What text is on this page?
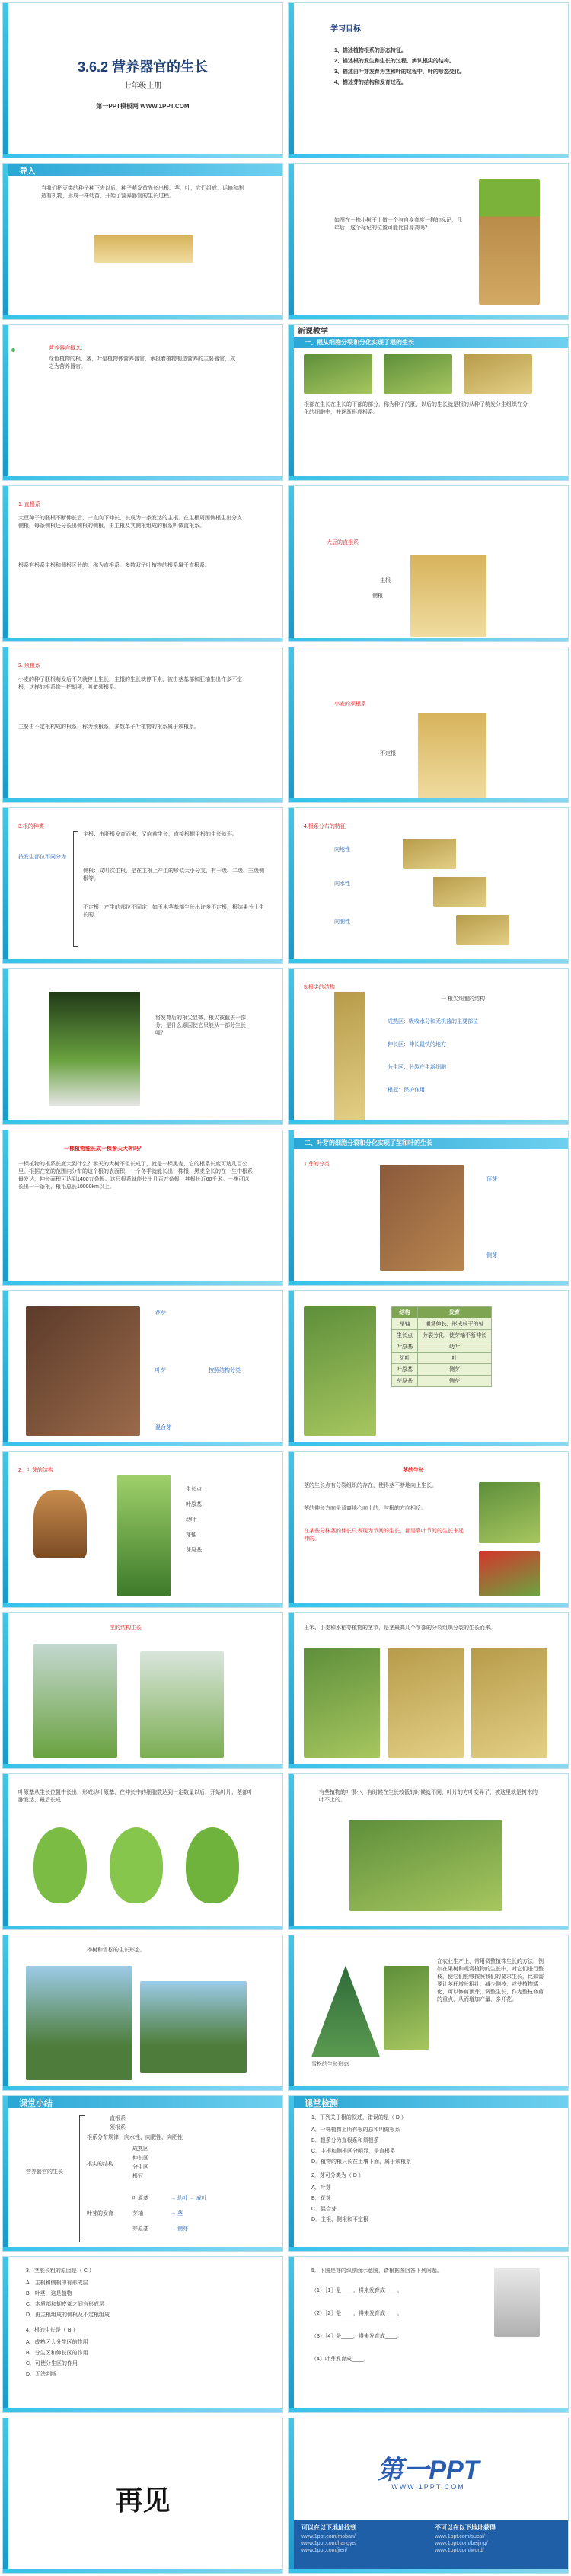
3.6.2 营养器官的生长
七年级上册
第一PPT模板网 WWW.1PPT.COM
学习目标
1、描述植物根系的形态特征。
2、描述根的发生和生长的过程，辨认根尖的结构。
3、描述由叶芽发育为茎和叶的过程中，叶的形态变化。
4、描述芽的结构和发育过程。
导入
当我们把豆类的种子种下去以后，种子萌发首先长出根、茎、叶，它们组成，运输和制造有机物，形成一株幼苗，开始了营养器官的生长过程。
如图在一株小树干上做一个与自身高度一样的标记，几年后，这个标记的位置可能比自身高吗？
营养器官概念：
绿色植物的根、茎、叶是植物体营养器官，承担着植物制造营养的主要器官，成之为营养器官。
新课教学
一、根从细胞分裂和分化实现了根的生长
根部在生长在生长的下部的部分，称为种子的胚，以后的生长就是根的从种子萌发分生组织在分化的细胞中，并逐渐形成根系。
1. 直根系
大豆种子的胚根不断伸长后，一直向下伸长，长成为一条发达的主根。在主根周围侧根生出分支侧根，每条侧根还分长出侧根的侧根，由主根及其侧根组成的根系叫做直根系。
根系有根系主根和侧根区分的，称为直根系。多数双子叶植物的根系属于直根系。
大豆的直根系
主根
侧根
2. 须根系
小麦的种子胚根萌发后不久就停止生长，主根的生长就停下来，被由茎基部和胚轴生出许多不定根，这样的根系像一把胡须，叫做须根系。
主要由不定根构成的根系，称为须根系，多数单子叶植物的根系属于须根系。
小麦的须根系
不定根
3.根的种类
按发生部位不同分为
主根：由胚根发育而来，叉向前生长，直接根据甲根的生长就形。
侧根：又叫次生根，是在主根上产生的形似大小分支，有一级、二级、三级侧根等。
不定根：产生的部位不固定，如玉米茎基部生长出许多不定根，根结果分上生长的。
4.根系分布的特征
向地性
向水性
向肥性
将发育后的根尖显微，根尖被截去一部分，是什么原因使它只能从一部分生长呢？
5.根尖的结构
一 根尖细胞的结构
成熟区：吸收水分和无机盐的主要部位
伸长区：伸长最快的地方
分生区：分裂产生新细胞
根冠：保护作用
一棵植物能长成一棵参天大树吗？
一棵植物的根系长度大到什么？参天的大树不但长成了，就是一棵黑麦，它的根系长度可达几百公里。根据在宽的范围内分布的这个根的表面积，一个冬季就能长出一株根，黑麦全长的在一生中根系最发达，伸长面积可达到1400万条根。这只根系就能长出几百万条根，其根长近60千米。一株可以长出一千条根，根毛总长10000km以上。
二、叶芽的细胞分裂和分化实现了茎和叶的生长
1.芽的分类
顶芽
侧芽
花芽
叶芽
混合芽
按照结构分类
结构	发育
芽轴	通常伸长，形成枝干的轴
生长点	分裂分化，使芽轴不断伸长
叶原基	幼叶
幼叶	叶
叶原基	侧芽
芽原基	侧芽
2、叶芽的结构
生长点
叶原基
幼叶
芽轴
芽原基
茎的生长
茎的生长点有分裂组织的存在，使得茎不断地向上生长。
茎的伸长方向是背离地心向上的，与根的方向相反。
在某些分株茎的伸长只表现为节间的生长，都是靠叶节间的生长来延伸的。
茎的结构生长	玉米、小麦和水稻等植物的茎节，是茎最高几个节部的分裂组织分裂的生长而来。
叶原基从生长位置中长出，形成幼叶原基，在伸长中的细胞数达到一定数量以后，开始叶片，茎部叶脉发达，最后长成
有些植物的叶很小，有时候在生长较低的时候就不同，叶片的方叶变异了，被这里就是树木的叶不上的。
杨树和雪松的生长形态。
雪松的生长形态
在农业生产上，常用调整植株生长的方法，例如在果树和观赏植物的生长中，对它们进行整枝，使它们能够按照我们的要求生长，比如需要让茎秆增长粗壮，减少侧枝，或使植物矮化，可以修剪顶芽，调整生长，作为整枝修剪的重点，从而增加产量，多开花。
课堂小结
营养器官的生长
直根系
须根系
根系分布规律：向水性、向肥性、向肥性
根尖的结构
成熟区
伸长区
分生区
根冠
叶芽的发育
叶原基
芽轴
芽原基
→ 幼叶 → 成叶
→ 茎
→ 侧芽
课堂检测
1、下列关于根的叙述，错误的是（ D ）
A．一株植物上所有根的总和叫做根系
B．根系分为直根系和须根系
C．主根和侧根区分明显，是直根系
D．植物的根只长在土壤下面，属于须根系
2．芽可分类为（ D ）
A．叶芽
B．花芽
C．混合芽
D．主根、侧根和不定根
3．茎能长粗的原因是（ C ）
A．主根和侧根中有形成层
B．叶茎，这是植物
C．木质部和韧皮部之间有形成层
D．由主根组成的侧根及不定根组成
4．根的生长是（ B ）
A．成熟区大分生区的作用
B．分生区和伸长区的作用
C．可使分生区的作用
D．无法判断
5．下图是芽的纵剖面示意图，请根据图回答下列问题。
（1）［1］是____，将来发育成____。
（2）［2］是____，将来发育成____。
（3）［4］是____，将来发育成____。
（4）叶芽发育成____。
再见
第一PPT
WWW.1PPT.COM
可以在以下地址找到
www.1ppt.com/moban/
www.1ppt.com/hangye/
www.1ppt.com/jieri/
不可以在以下地址获得
www.1ppt.com/sucai/
www.1ppt.com/beijing/
www.1ppt.com/word/
